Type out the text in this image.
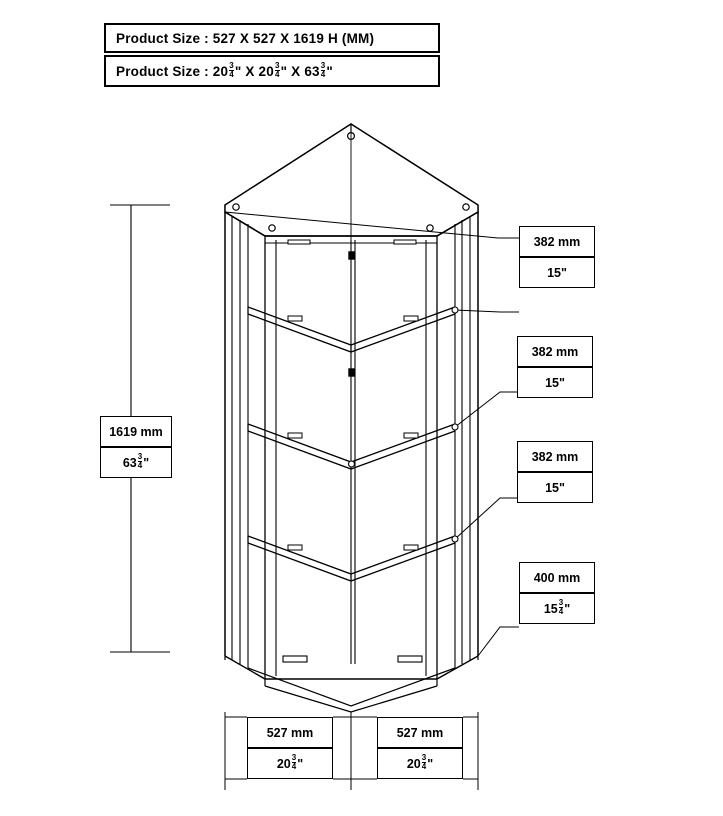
Product Size : 527 X 527 X 1619 H (MM)
Product Size : $20 \frac{3}{4}$ " X $20 \frac{3}{4}$ " X $63 \frac{3}{4}$ "
382 mm
15"
382 mm
15"
382 mm
15"
400 mm
$15 \frac{3}{4}$ "
1619 mm
$63 \frac{3}{4}$ "
527 mm
$20 \frac{3}{4}$ "
527 mm
$20 \frac{3}{4}$ "
